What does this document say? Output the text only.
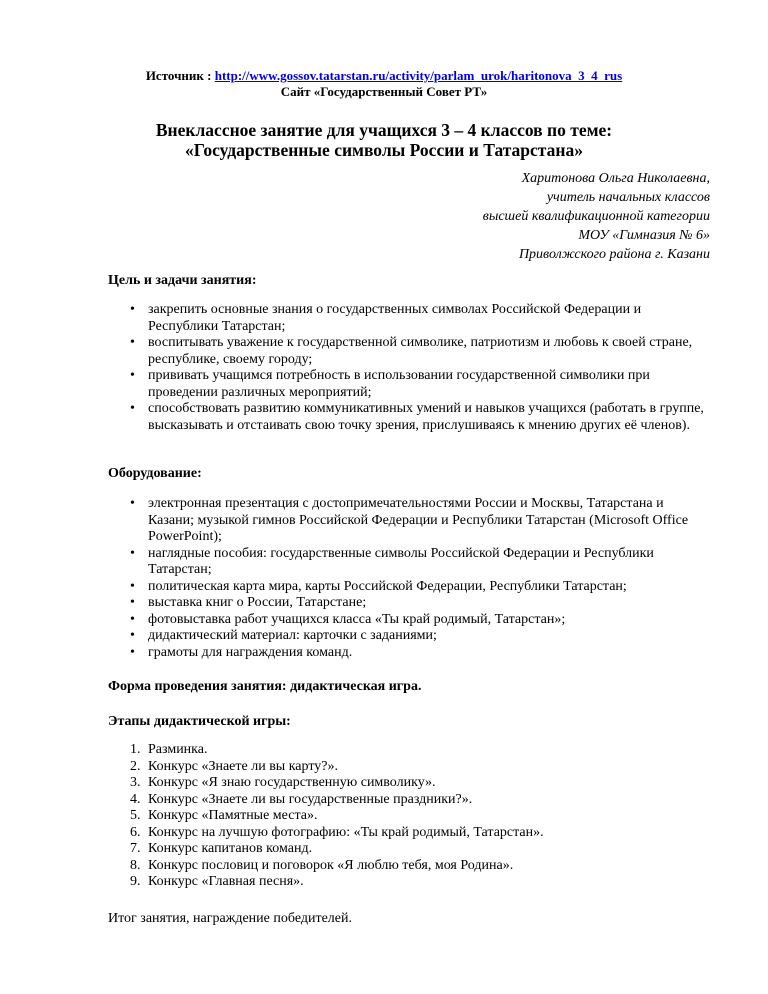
Источник : http://www.gossov.tatarstan.ru/activity/parlam_urok/haritonova_3_4_rus
Сайт «Государственный Совет РТ»
Внеклассное занятие для учащихся 3 – 4 классов по теме:
«Государственные символы России и Татарстана»
Харитонова Ольга Николаевна,
учитель начальных классов
высшей квалификационной категории
МОУ «Гимназия № 6»
Приволжского района г. Казани
Цель и задачи занятия:
• закрепить основные знания о государственных символах Российской Федерации и Республики Татарстан;
• воспитывать уважение к государственной символике, патриотизм и любовь к своей стране, республике, своему городу;
• прививать учащимся потребность в использовании государственной символики при проведении различных мероприятий;
• способствовать развитию коммуникативных умений и навыков учащихся (работать в группе, высказывать и отстаивать свою точку зрения, прислушиваясь к мнению других её членов).
Оборудование:
• электронная презентация с достопримечательностями России и Москвы, Татарстана и Казани; музыкой гимнов Российской Федерации и Республики Татарстан (Microsoft Office PowerPoint);
• наглядные пособия: государственные символы Российской Федерации и Республики Татарстан;
• политическая карта мира, карты Российской Федерации, Республики Татарстан;
• выставка книг о России, Татарстане;
• фотовыставка работ учащихся класса «Ты край родимый, Татарстан»;
• дидактический материал: карточки с заданиями;
• грамоты для награждения команд.
Форма проведения занятия: дидактическая игра.
Этапы дидактической игры:
1. Разминка.
2. Конкурс «Знаете ли вы карту?».
3. Конкурс «Я знаю государственную символику».
4. Конкурс «Знаете ли вы государственные праздники?».
5. Конкурс «Памятные места».
6. Конкурс на лучшую фотографию: «Ты край родимый, Татарстан».
7. Конкурс капитанов команд.
8. Конкурс пословиц и поговорок «Я люблю тебя, моя Родина».
9. Конкурс «Главная песня».
Итог занятия, награждение победителей.
